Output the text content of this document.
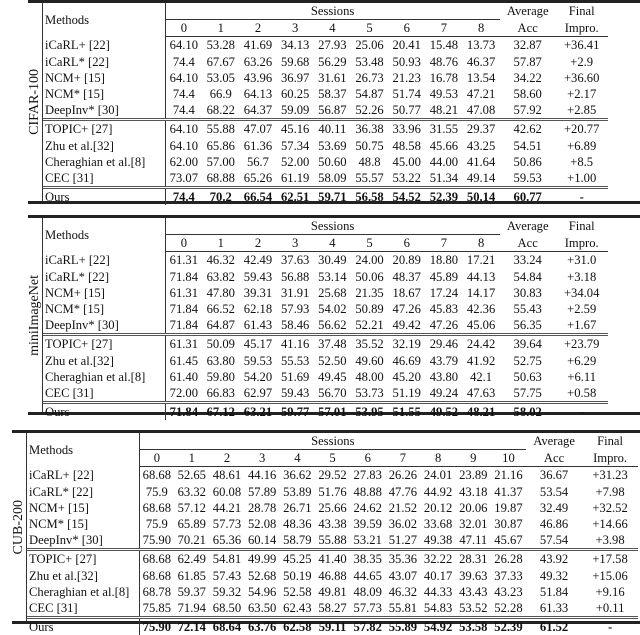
CIFAR-100
Methods	Sessions									Average	Final
	0	1	2	3	4	5	6	7	8	Acc	Impro.
iCaRL+ [22]	64.10	53.28	41.69	34.13	27.93	25.06	20.41	15.48	13.73	32.87	+36.41
iCaRL* [22]	74.4	67.67	63.26	59.68	56.29	53.48	50.93	48.76	46.37	57.87	+2.9
NCM+ [15]	64.10	53.05	43.96	36.97	31.61	26.73	21.23	16.78	13.54	34.22	+36.60
NCM* [15]	74.4	66.9	64.13	60.25	58.37	54.87	51.74	49.53	47.21	58.60	+2.17
DeepInv* [30]	74.4	68.22	64.37	59.09	56.87	52.26	50.77	48.21	47.08	57.92	+2.85
TOPIC+ [27]	64.10	55.88	47.07	45.16	40.11	36.38	33.96	31.55	29.37	42.62	+20.77
Zhu et al.[32]	64.10	65.86	61.36	57.34	53.69	50.75	48.58	45.66	43.25	54.51	+6.89
Cheraghian et al.[8]	62.00	57.00	56.7	52.00	50.60	48.8	45.00	44.00	41.64	50.86	+8.5
CEC [31]	73.07	68.88	65.26	61.19	58.09	55.57	53.22	51.34	49.14	59.53	+1.00
Ours	74.4	70.2	66.54	62.51	59.71	56.58	54.52	52.39	50.14	60.77	-
miniImageNet
Methods	Sessions									Average	Final
	0	1	2	3	4	5	6	7	8	Acc	Impro.
iCaRL+ [22]	61.31	46.32	42.49	37.63	30.49	24.00	20.89	18.80	17.21	33.24	+31.0
iCaRL* [22]	71.84	63.82	59.43	56.88	53.14	50.06	48.37	45.89	44.13	54.84	+3.18
NCM+ [15]	61.31	47.80	39.31	31.91	25.68	21.35	18.67	17.24	14.17	30.83	+34.04
NCM* [15]	71.84	66.52	62.18	57.93	54.02	50.89	47.26	45.83	42.36	55.43	+2.59
DeepInv* [30]	71.84	64.87	61.43	58.46	56.62	52.21	49.42	47.26	45.06	56.35	+1.67
TOPIC+ [27]	61.31	50.09	45.17	41.16	37.48	35.52	32.19	29.46	24.42	39.64	+23.79
Zhu et al.[32]	61.45	63.80	59.53	55.53	52.50	49.60	46.69	43.79	41.92	52.75	+6.29
Cheraghian et al.[8]	61.40	59.80	54.20	51.69	49.45	48.00	45.20	43.80	42.1	50.63	+6.11
CEC [31]	72.00	66.83	62.97	59.43	56.70	53.73	51.19	49.24	47.63	57.75	+0.58
Ours	71.84	67.12	63.21	59.77	57.01	53.95	51.55	49.52	48.21	58.02	-
CUB-200
Methods	Sessions											Average	Final
	0	1	2	3	4	5	6	7	8	9	10	Acc	Impro.
iCaRL+ [22]	68.68	52.65	48.61	44.16	36.62	29.52	27.83	26.26	24.01	23.89	21.16	36.67	+31.23
iCaRL* [22]	75.9	63.32	60.08	57.89	53.89	51.76	48.88	47.76	44.92	43.18	41.37	53.54	+7.98
NCM+ [15]	68.68	57.12	44.21	28.78	26.71	25.66	24.62	21.52	20.12	20.06	19.87	32.49	+32.52
NCM* [15]	75.9	65.89	57.73	52.08	48.36	43.38	39.59	36.02	33.68	32.01	30.87	46.86	+14.66
DeepInv* [30]	75.90	70.21	65.36	60.14	58.79	55.88	53.21	51.27	49.38	47.11	45.67	57.54	+3.98
TOPIC+ [27]	68.68	62.49	54.81	49.99	45.25	41.40	38.35	35.36	32.22	28.31	26.28	43.92	+17.58
Zhu et al.[32]	68.68	61.85	57.43	52.68	50.19	46.88	44.65	43.07	40.17	39.63	37.33	49.32	+15.06
Cheraghian et al.[8]	68.78	59.37	59.32	54.96	52.58	49.81	48.09	46.32	44.33	43.43	43.23	51.84	+9.16
CEC [31]	75.85	71.94	68.50	63.50	62.43	58.27	57.73	55.81	54.83	53.52	52.28	61.33	+0.11
Ours	75.90	72.14	68.64	63.76	62.58	59.11	57.82	55.89	54.92	53.58	52.39	61.52	-
